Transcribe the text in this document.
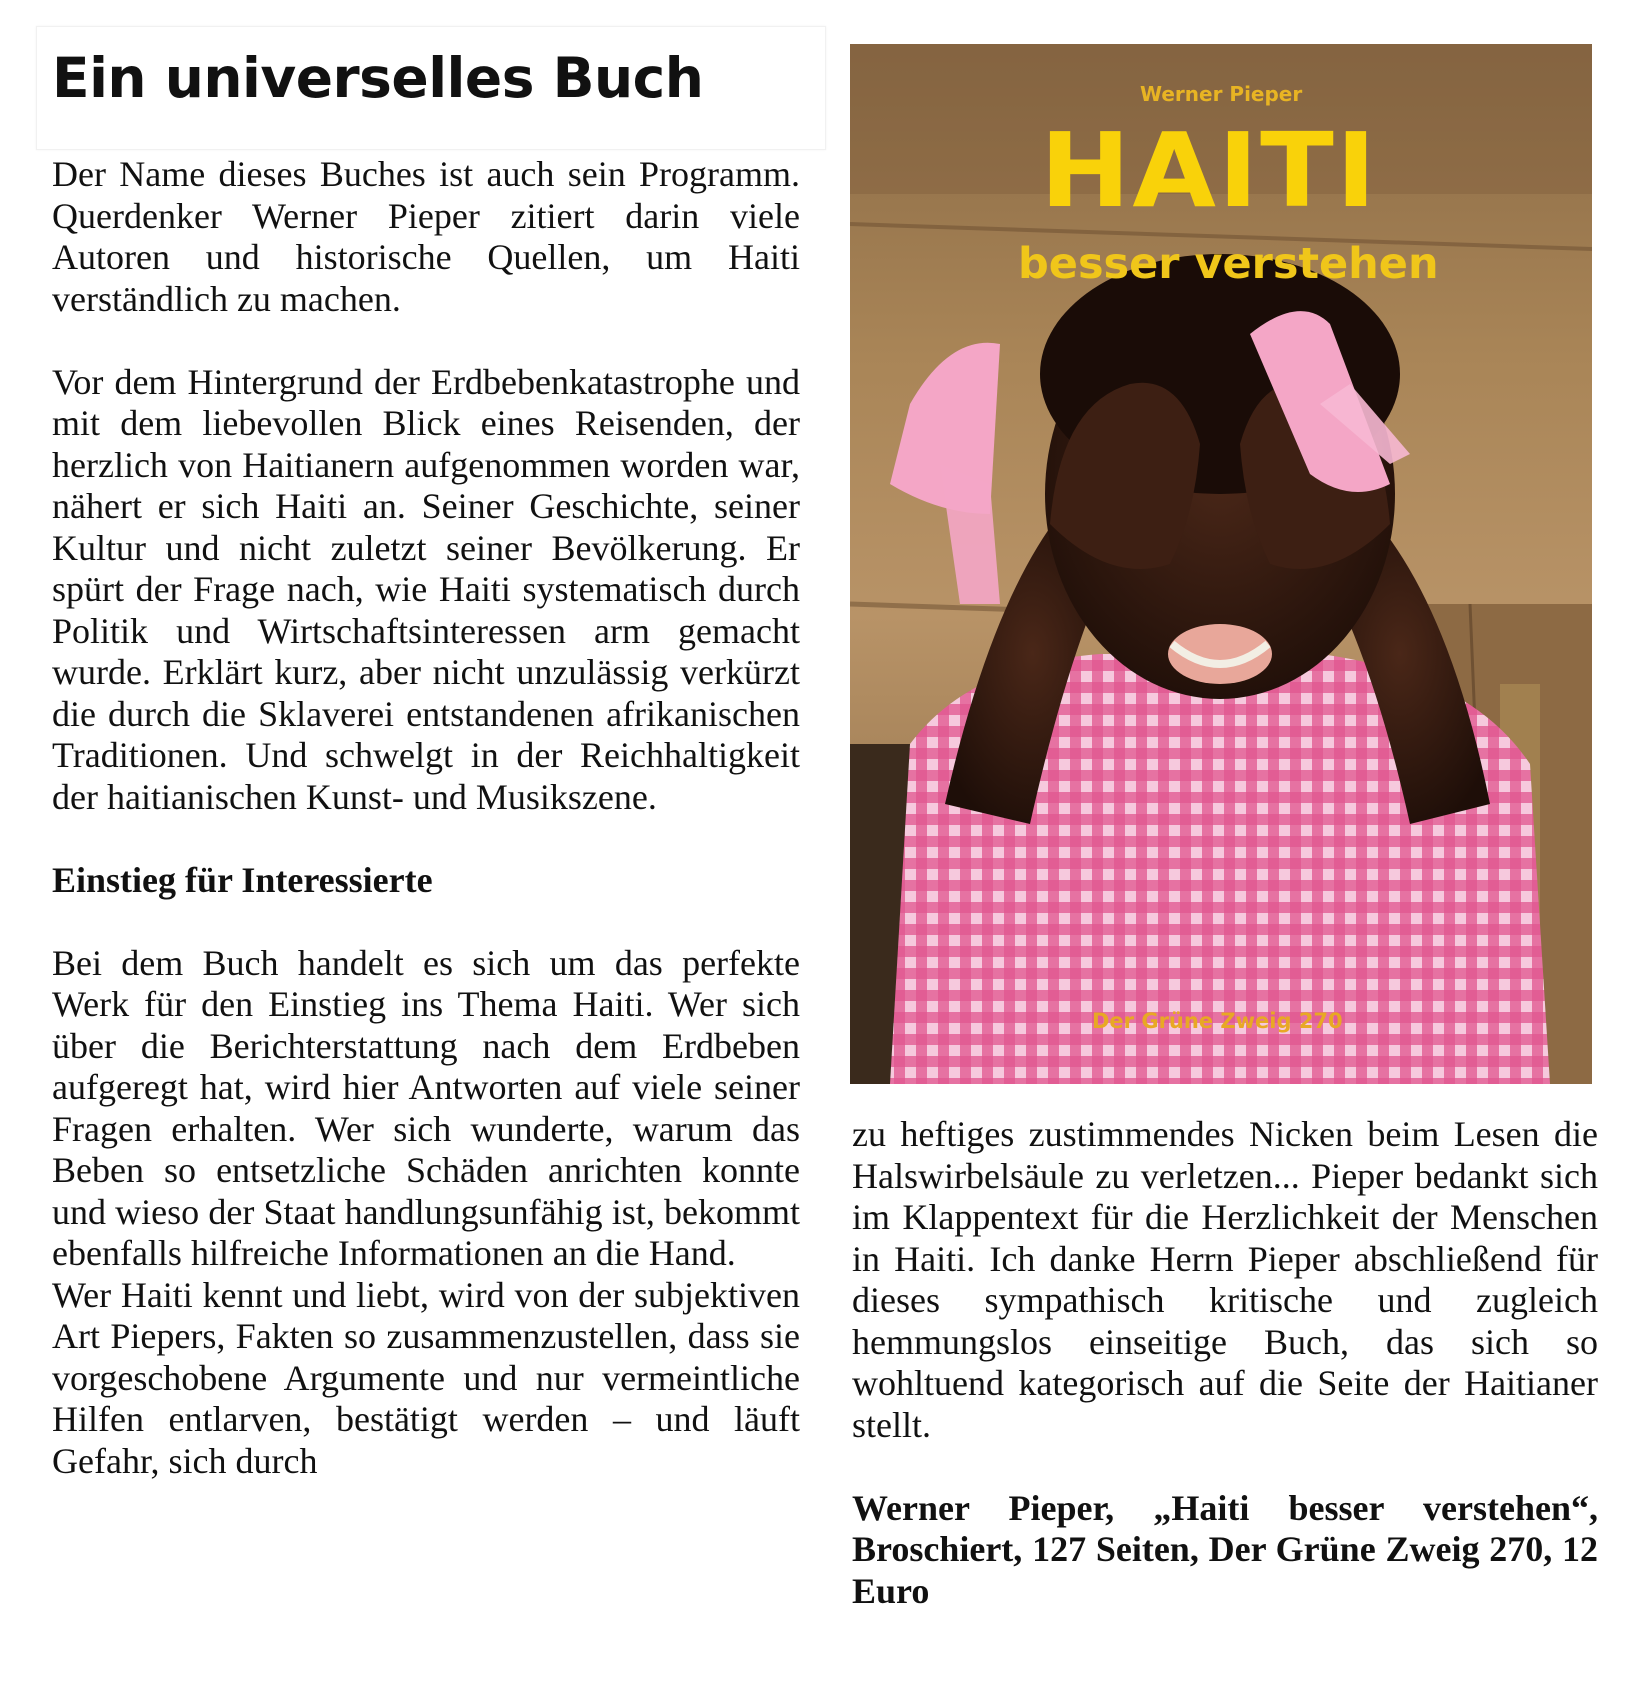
Ein universelles Buch

Der Name dieses Buches ist auch sein Programm. Querdenker Werner Pieper zitiert darin viele Autoren und historische Quellen, um Haiti verständlich zu machen.

Vor dem Hintergrund der Erdbebenkatastrophe und mit dem liebevollen Blick eines Reisenden, der herzlich von Haitianern aufgenommen worden war, nähert er sich Haiti an. Seiner Geschichte, seiner Kultur und nicht zuletzt seiner Bevölkerung. Er spürt der Frage nach, wie Haiti systematisch durch Politik und Wirtschaftsinteressen arm gemacht wurde. Erklärt kurz, aber nicht unzulässig verkürzt die durch die Sklaverei entstandenen afrikanischen Traditionen. Und schwelgt in der Reichhaltigkeit der haitianischen Kunst- und Musikszene.

Einstieg für Interessierte

Bei dem Buch handelt es sich um das perfekte Werk für den Einstieg ins Thema Haiti. Wer sich über die Berichterstattung nach dem Erdbeben aufgeregt hat, wird hier Antworten auf viele seiner Fragen erhalten. Wer sich wunderte, warum das Beben so entsetzliche Schäden anrichten konnte und wieso der Staat handlungsunfähig ist, bekommt ebenfalls hilfreiche Informationen an die Hand.

Wer Haiti kennt und liebt, wird von der subjektiven Art Piepers, Fakten so zusammenzustellen, dass sie vorgeschobene Argumente und nur vermeintliche Hilfen entlarven, bestätigt werden – und läuft Gefahr, sich durch

Werner Pieper
HAITI
besser verstehen
Der Grüne Zweig 270

zu heftiges zustimmendes Nicken beim Lesen die Halswirbelsäule zu verletzen... Pieper bedankt sich im Klappentext für die Herzlichkeit der Menschen in Haiti. Ich danke Herrn Pieper abschließend für dieses sympathisch kritische und zugleich hemmungslos einseitige Buch, das sich so wohltuend kategorisch auf die Seite der Haitianer stellt.

Werner Pieper, „Haiti besser verstehen“, Broschiert, 127 Seiten, Der Grüne Zweig 270, 12 Euro
